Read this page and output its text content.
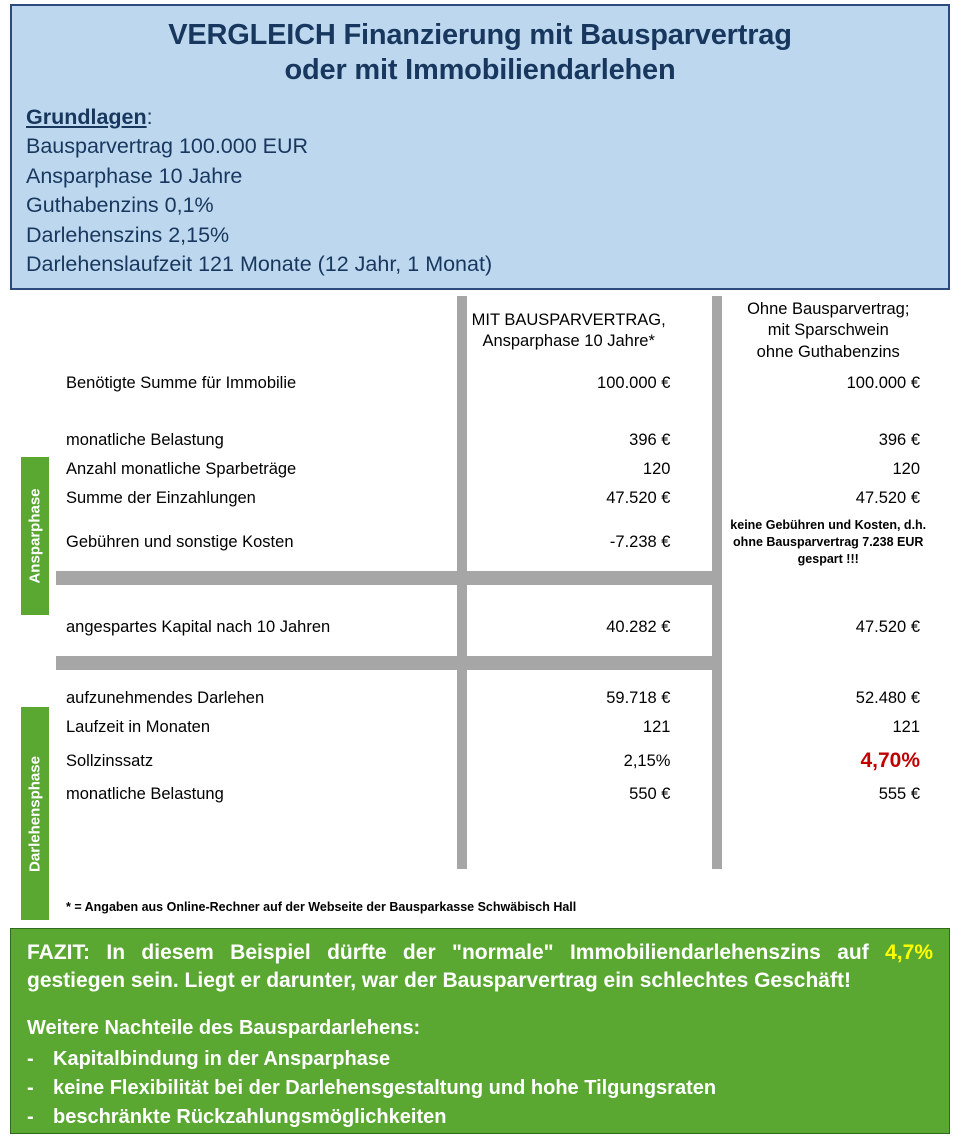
VERGLEICH Finanzierung mit Bausparvertrag
oder mit Immobiliendarlehen
Grundlagen:
Bausparvertrag 100.000 EUR
Ansparphase 10 Jahre
Guthabenzins 0,1%
Darlehenszins 2,15%
Darlehenslaufzeit 121 Monate (12 Jahr, 1 Monat)
Ansparphase
Darlehensphase

MIT BAUSPARVERTRAG,
Ansparphase 10 Jahre*

Ohne Bausparvertrag;
mit Sparschwein
ohne Guthabenzins

Benötigte Summe für Immobilie		100.000 €		100.000 €

monatliche Belastung		396 €		396 €
Anzahl monatliche Sparbeträge		120		120
Summe der Einzahlungen		47.520 €		47.520 €
Gebühren und sonstige Kosten		-7.238 €		keine Gebühren und Kosten, d.h.
ohne Bausparvertrag 7.238 EUR
gespart !!!

angespartes Kapital nach 10 Jahren		40.282 €		47.520 €

aufzunehmendes Darlehen		59.718 €		52.480 €
Laufzeit in Monaten		121		121
Sollzinssatz		2,15%		4,70%
monatliche Belastung		550 €		555 €

* = Angaben aus Online-Rechner auf der Webseite der Bausparkasse Schwäbisch Hall
FAZIT: In diesem Beispiel dürfte der "normale" Immobiliendarlehenszins auf 4,7% gestiegen sein. Liegt er darunter, war der Bausparvertrag ein schlechtes Geschäft!
Weitere Nachteile des Bauspardarlehens:
- Kapitalbindung in der Ansparphase
- keine Flexibilität bei der Darlehensgestaltung und hohe Tilgungsraten
- beschränkte Rückzahlungsmöglichkeiten
